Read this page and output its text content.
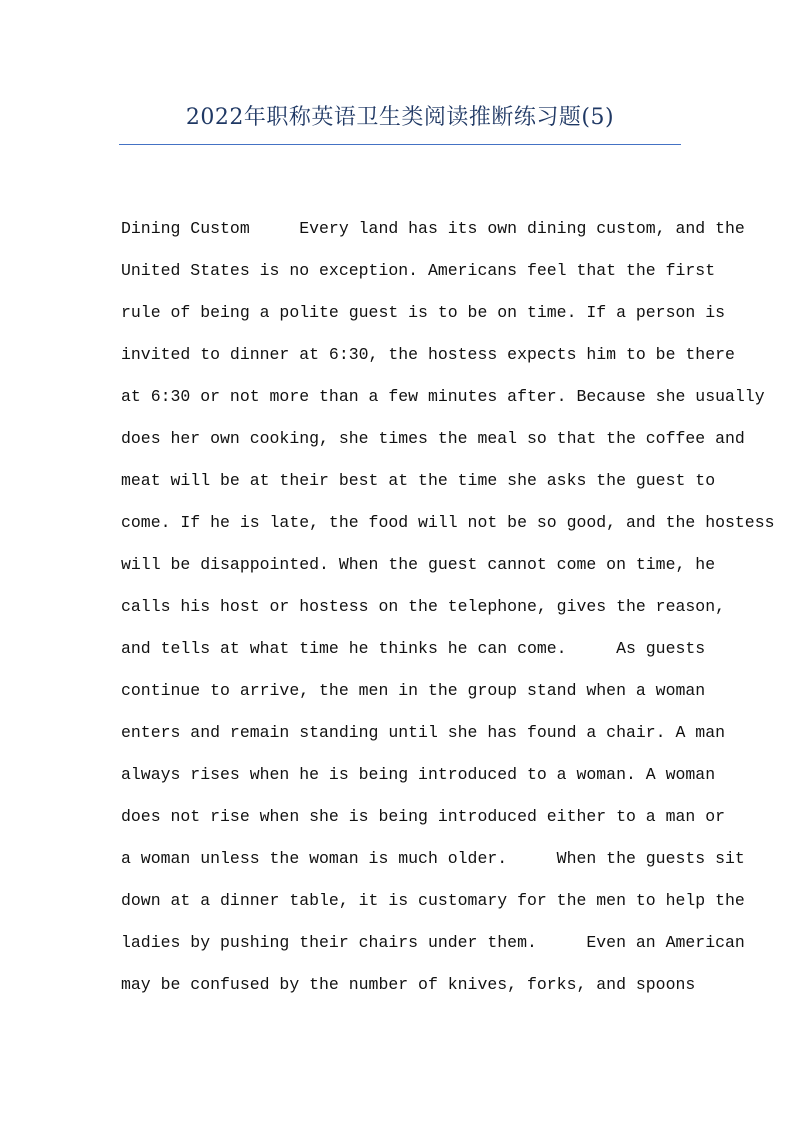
2022年职称英语卫生类阅读推断练习题(5)
Dining Custom     Every land has its own dining custom, and the
United States is no exception. Americans feel that the first
rule of being a polite guest is to be on time. If a person is
invited to dinner at 6:30, the hostess expects him to be there
at 6:30 or not more than a few minutes after. Because she usually
does her own cooking, she times the meal so that the coffee and
meat will be at their best at the time she asks the guest to
come. If he is late, the food will not be so good, and the hostess
will be disappointed. When the guest cannot come on time, he
calls his host or hostess on the telephone, gives the reason,
and tells at what time he thinks he can come.     As guests
continue to arrive, the men in the group stand when a woman
enters and remain standing until she has found a chair. A man
always rises when he is being introduced to a woman. A woman
does not rise when she is being introduced either to a man or
a woman unless the woman is much older.     When the guests sit
down at a dinner table, it is customary for the men to help the
ladies by pushing their chairs under them.     Even an American
may be confused by the number of knives, forks, and spoons
